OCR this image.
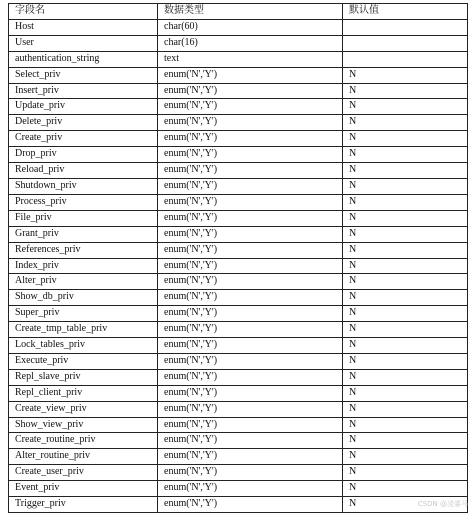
字段名	数据类型	默认值
Host	char(60)	
User	char(16)	
authentication_string	text	
Select_priv	enum('N','Y')	N
Insert_priv	enum('N','Y')	N
Update_priv	enum('N','Y')	N
Delete_priv	enum('N','Y')	N
Create_priv	enum('N','Y')	N
Drop_priv	enum('N','Y')	N
Reload_priv	enum('N','Y')	N
Shutdown_priv	enum('N','Y')	N
Process_priv	enum('N','Y')	N
File_priv	enum('N','Y')	N
Grant_priv	enum('N','Y')	N
References_priv	enum('N','Y')	N
Index_priv	enum('N','Y')	N
Alter_priv	enum('N','Y')	N
Show_db_priv	enum('N','Y')	N
Super_priv	enum('N','Y')	N
Create_tmp_table_priv	enum('N','Y')	N
Lock_tables_priv	enum('N','Y')	N
Execute_priv	enum('N','Y')	N
Repl_slave_priv	enum('N','Y')	N
Repl_client_priv	enum('N','Y')	N
Create_view_priv	enum('N','Y')	N
Show_view_priv	enum('N','Y')	N
Create_routine_priv	enum('N','Y')	N
Alter_routine_priv	enum('N','Y')	N
Create_user_priv	enum('N','Y')	N
Event_priv	enum('N','Y')	N
Trigger_priv	enum('N','Y')	N	CSDN @凌睿马
